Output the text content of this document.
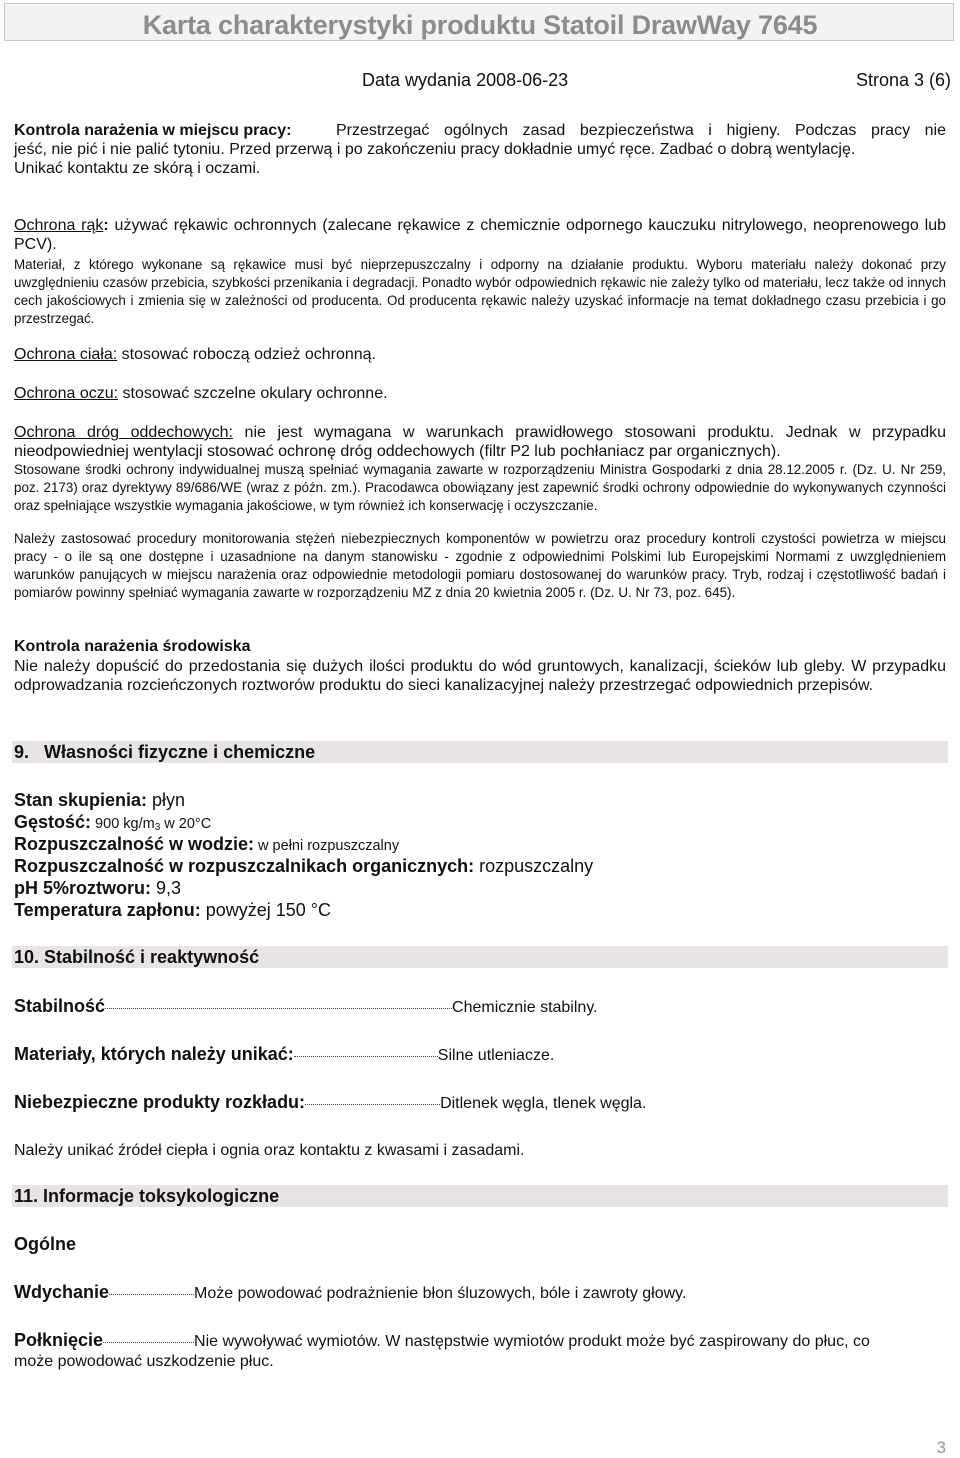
Karta charakterystyki produktu Statoil DrawWay 7645
Data wydania 2008-06-23	Strona 3 (6)
Kontrola narażenia w miejscu pracy:	Przestrzegać ogólnych zasad bezpieczeństwa i higieny. Podczas pracy nie
jeść, nie pić i nie palić tytoniu. Przed przerwą i po zakończeniu pracy dokładnie umyć ręce. Zadbać o dobrą wentylację.
Unikać kontaktu ze skórą i oczami.
Ochrona rąk: używać rękawic ochronnych (zalecane rękawice z chemicznie odpornego kauczuku nitrylowego, neoprenowego lub PCV).
Materiał, z którego wykonane są rękawice musi być nieprzepuszczalny i odporny na działanie produktu. Wyboru materiału należy dokonać przy uwzględnieniu czasów przebicia, szybkości przenikania i degradacji. Ponadto wybór odpowiednich rękawic nie zależy tylko od materiału, lecz także od innych cech jakościowych i zmienia się w zależności od producenta. Od producenta rękawic należy uzyskać informacje na temat dokładnego czasu przebicia i go przestrzegać.
Ochrona ciała: stosować roboczą odzież ochronną.
Ochrona oczu: stosować szczelne okulary ochronne.
Ochrona dróg oddechowych: nie jest wymagana w warunkach prawidłowego stosowani produktu. Jednak w przypadku nieodpowiedniej wentylacji stosować ochronę dróg oddechowych (filtr P2 lub pochłaniacz par organicznych).
Stosowane środki ochrony indywidualnej muszą spełniać wymagania zawarte w rozporządzeniu Ministra Gospodarki z dnia 28.12.2005 r. (Dz. U. Nr 259, poz. 2173) oraz dyrektywy 89/686/WE (wraz z późn. zm.). Pracodawca obowiązany jest zapewnić środki ochrony odpowiednie do wykonywanych czynności oraz spełniające wszystkie wymagania jakościowe, w tym również ich konserwację i oczyszczanie.
Należy zastosować procedury monitorowania stężeń niebezpiecznych komponentów w powietrzu oraz procedury kontroli czystości powietrza w miejscu pracy - o ile są one dostępne i uzasadnione na danym stanowisku - zgodnie z odpowiednimi Polskimi lub Europejskimi Normami z uwzględnieniem warunków panujących w miejscu narażenia oraz odpowiednie metodologii pomiaru dostosowanej do warunków pracy. Tryb, rodzaj i częstotliwość badań i pomiarów powinny spełniać wymagania zawarte w rozporządzeniu MZ z dnia 20 kwietnia 2005 r. (Dz. U. Nr 73, poz. 645).
Kontrola narażenia środowiska
Nie należy dopuścić do przedostania się dużych ilości produktu do wód gruntowych, kanalizacji, ścieków lub gleby. W przypadku odprowadzania rozcieńczonych roztworów produktu do sieci kanalizacyjnej należy przestrzegać odpowiednich przepisów.
9.   Własności fizyczne i chemiczne
Stan skupienia: płyn
Gęstość: 900 kg/m3 w 20°C
Rozpuszczalność w wodzie: w pełni rozpuszczalny
Rozpuszczalność w rozpuszczalnikach organicznych: rozpuszczalny
pH 5%roztworu: 9,3
Temperatura zapłonu: powyżej 150 °C
10. Stabilność i reaktywność
Stabilność	Chemicznie stabilny.
Materiały, których należy unikać:	Silne utleniacze.
Niebezpieczne produkty rozkładu:	Ditlenek węgla, tlenek węgla.
Należy unikać źródeł ciepła i ognia oraz kontaktu z kwasami i zasadami.
11. Informacje toksykologiczne
Ogólne
Wdychanie	Może powodować podrażnienie błon śluzowych, bóle i zawroty głowy.
Połknięcie	Nie wywoływać wymiotów. W następstwie wymiotów produkt może być zaspirowany do płuc, co
może powodować uszkodzenie płuc.
3
